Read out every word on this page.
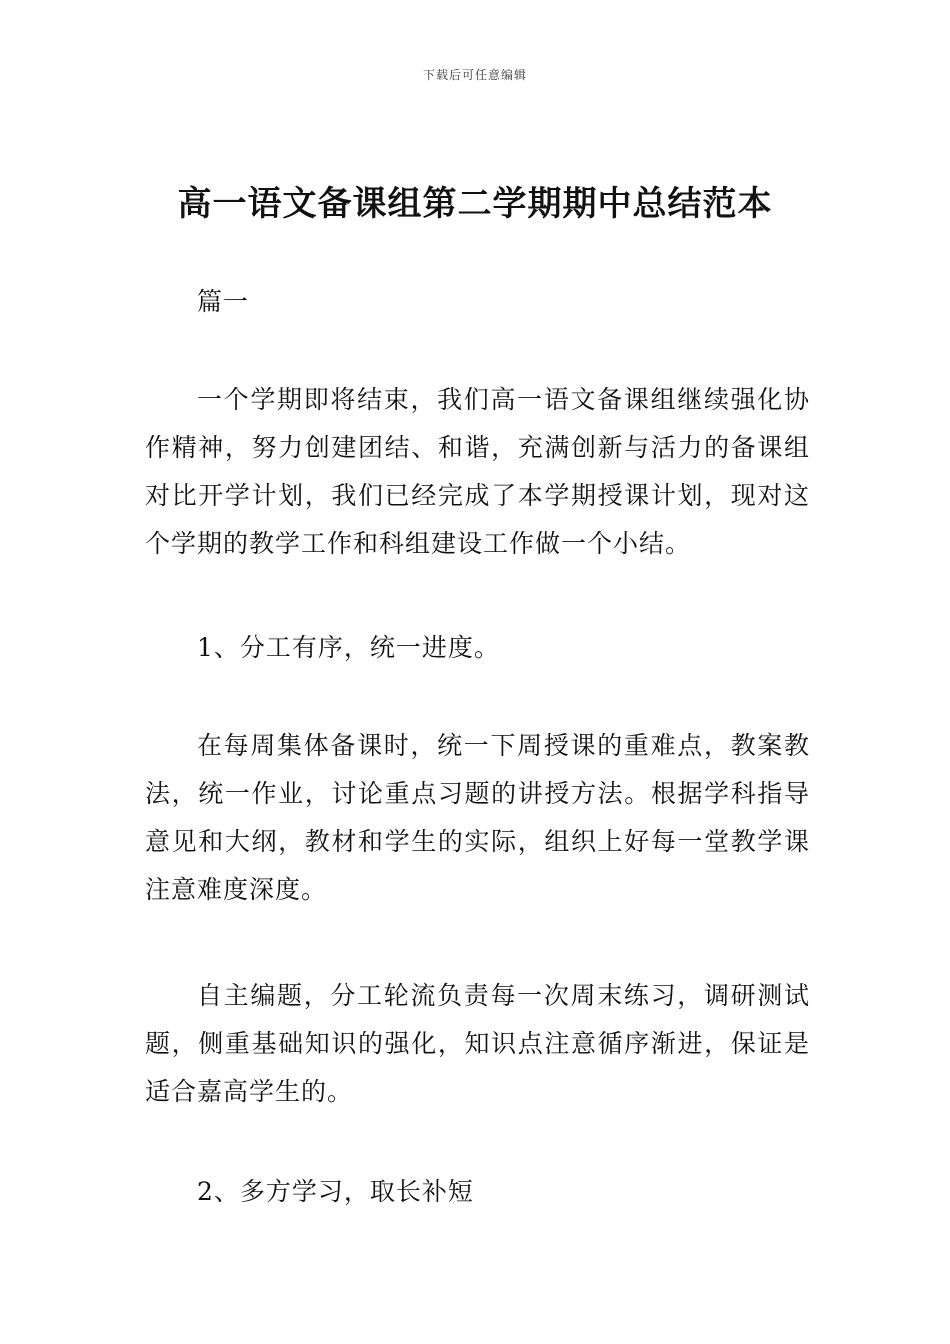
下载后可任意编辑
高一语文备课组第二学期期中总结范本

篇一

一个学期即将结束，我们高一语文备课组继续强化协作精神，努力创建团结、和谐，充满创新与活力的备课组对比开学计划，我们已经完成了本学期授课计划，现对这个学期的教学工作和科组建设工作做一个小结。

1、分工有序，统一进度。

在每周集体备课时，统一下周授课的重难点，教案教法，统一作业，讨论重点习题的讲授方法。根据学科指导意见和大纲，教材和学生的实际，组织上好每一堂教学课注意难度深度。

自主编题，分工轮流负责每一次周末练习，调研测试题，侧重基础知识的强化，知识点注意循序渐进，保证是适合嘉高学生的。

2、多方学习，取长补短
